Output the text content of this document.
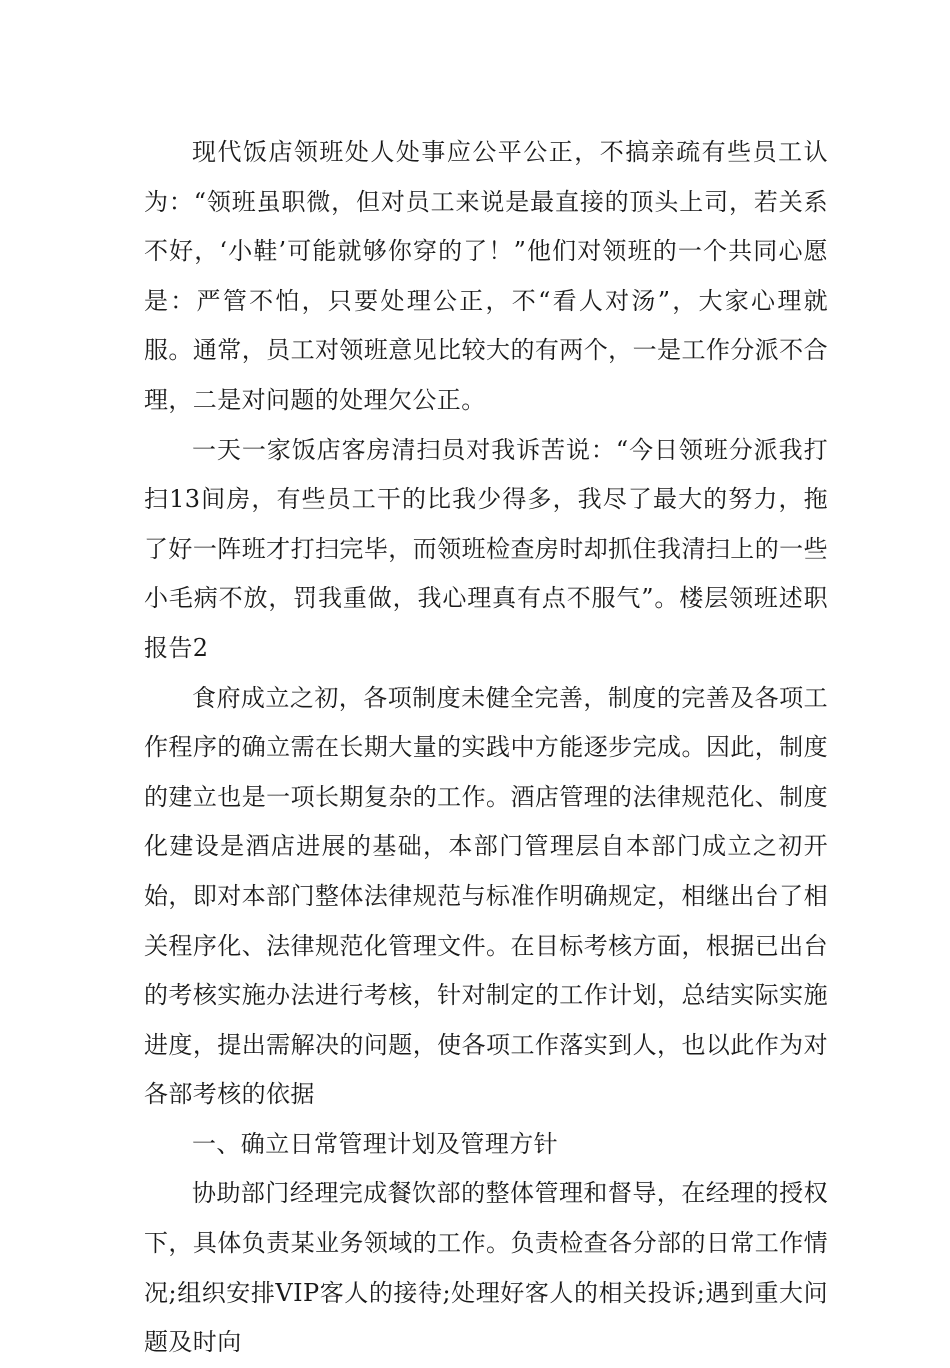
现代饭店领班处人处事应公平公正，不搞亲疏有些员工认为：“领班虽职微，但对员工来说是最直接的顶头上司，若关系不好，‘小鞋’可能就够你穿的了！”他们对领班的一个共同心愿是：严管不怕，只要处理公正，不“看人对汤”，大家心理就服。通常，员工对领班意见比较大的有两个，一是工作分派不合理，二是对问题的处理欠公正。

一天一家饭店客房清扫员对我诉苦说：“今日领班分派我打扫13间房，有些员工干的比我少得多，我尽了最大的努力，拖了好一阵班才打扫完毕，而领班检查房时却抓住我清扫上的一些小毛病不放，罚我重做，我心理真有点不服气”。楼层领班述职报告2

食府成立之初，各项制度未健全完善，制度的完善及各项工作程序的确立需在长期大量的实践中方能逐步完成。因此，制度的建立也是一项长期复杂的工作。酒店管理的法律规范化、制度化建设是酒店进展的基础，本部门管理层自本部门成立之初开始，即对本部门整体法律规范与标准作明确规定，相继出台了相关程序化、法律规范化管理文件。在目标考核方面，根据已出台的考核实施办法进行考核，针对制定的工作计划，总结实际实施进度，提出需解决的问题，使各项工作落实到人，也以此作为对各部考核的依据

一、确立日常管理计划及管理方针

协助部门经理完成餐饮部的整体管理和督导，在经理的授权下，具体负责某业务领域的工作。负责检查各分部的日常工作情况;组织安排VIP客人的接待;处理好客人的相关投诉;遇到重大问题及时向
